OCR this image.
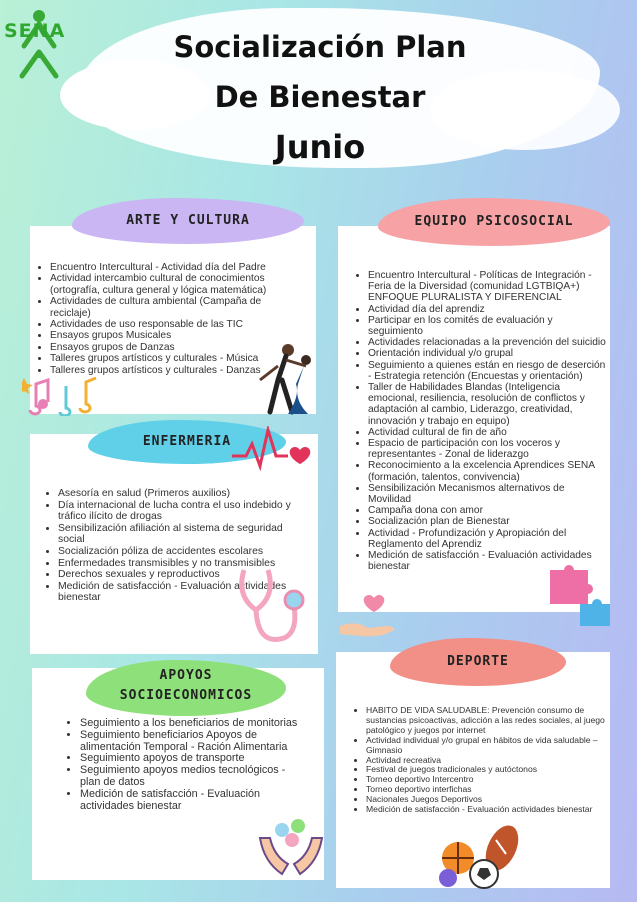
SENA	Socialización Plan
De Bienestar
Junio
ARTE Y CULTURA
• Encuentro Intercultural - Actividad día del Padre
• Actividad intercambio cultural de conocimientos (ortografía, cultura general y lógica matemática)
• Actividades de cultura ambiental (Campaña de reciclaje)
• Actividades de uso responsable de las TIC
• Ensayos grupos Musicales
• Ensayos grupos de Danzas
• Talleres grupos artísticos y culturales - Música
• Talleres grupos artísticos y culturales - Danzas
EQUIPO PSICOSOCIAL
• Encuentro Intercultural - Políticas de Integración - Feria de la Diversidad (comunidad LGTBIQA+) ENFOQUE PLURALISTA Y DIFERENCIAL
• Actividad día del aprendiz
• Participar en los comités de evaluación y seguimiento
• Actividades relacionadas a la prevención del suicidio
• Orientación individual y/o grupal
• Seguimiento a quienes están en riesgo de deserción - Estrategia retención (Encuestas y orientación)
• Taller de Habilidades Blandas (Inteligencia emocional, resiliencia, resolución de conflictos y adaptación al cambio, Liderazgo, creatividad, innovación y trabajo en equipo)
• Actividad cultural de fin de año
• Espacio de participación con los voceros y representantes - Zonal de liderazgo
• Reconocimiento a la excelencia Aprendices SENA (formación, talentos, convivencia)
• Sensibilización Mecanismos alternativos de Movilidad
• Campaña dona con amor
• Socialización plan de Bienestar
• Actividad - Profundización y Apropiación del Reglamento del Aprendiz
• Medición de satisfacción - Evaluación actividades bienestar
ENFERMERIA
• Asesoría en salud (Primeros auxilios)
• Día internacional de lucha contra el uso indebido y tráfico ilícito de drogas
• Sensibilización afiliación al sistema de seguridad social
• Socialización póliza de accidentes escolares
• Enfermedades transmisibles y no transmisibles
• Derechos sexuales y reproductivos
• Medición de satisfacción - Evaluación actividades bienestar
APOYOS
SOCIOECONOMICOS
• Seguimiento a los beneficiarios de monitorias
• Seguimiento beneficiarios Apoyos de alimentación Temporal - Ración Alimentaria
• Seguimiento apoyos de transporte
• Seguimiento apoyos medios tecnológicos - plan de datos
• Medición de satisfacción - Evaluación actividades bienestar
DEPORTE
• HABITO DE VIDA SALUDABLE: Prevención consumo de sustancias psicoactivas, adicción a las redes sociales, al juego patológico y juegos por internet
• Actividad individual y/o grupal en hábitos de vida saludable – Gimnasio
• Actividad recreativa
• Festival de juegos tradicionales y autóctonos
• Torneo deportivo Intercentro
• Torneo deportivo interfichas
• Nacionales Juegos Deportivos
• Medición de satisfacción - Evaluación actividades bienestar
